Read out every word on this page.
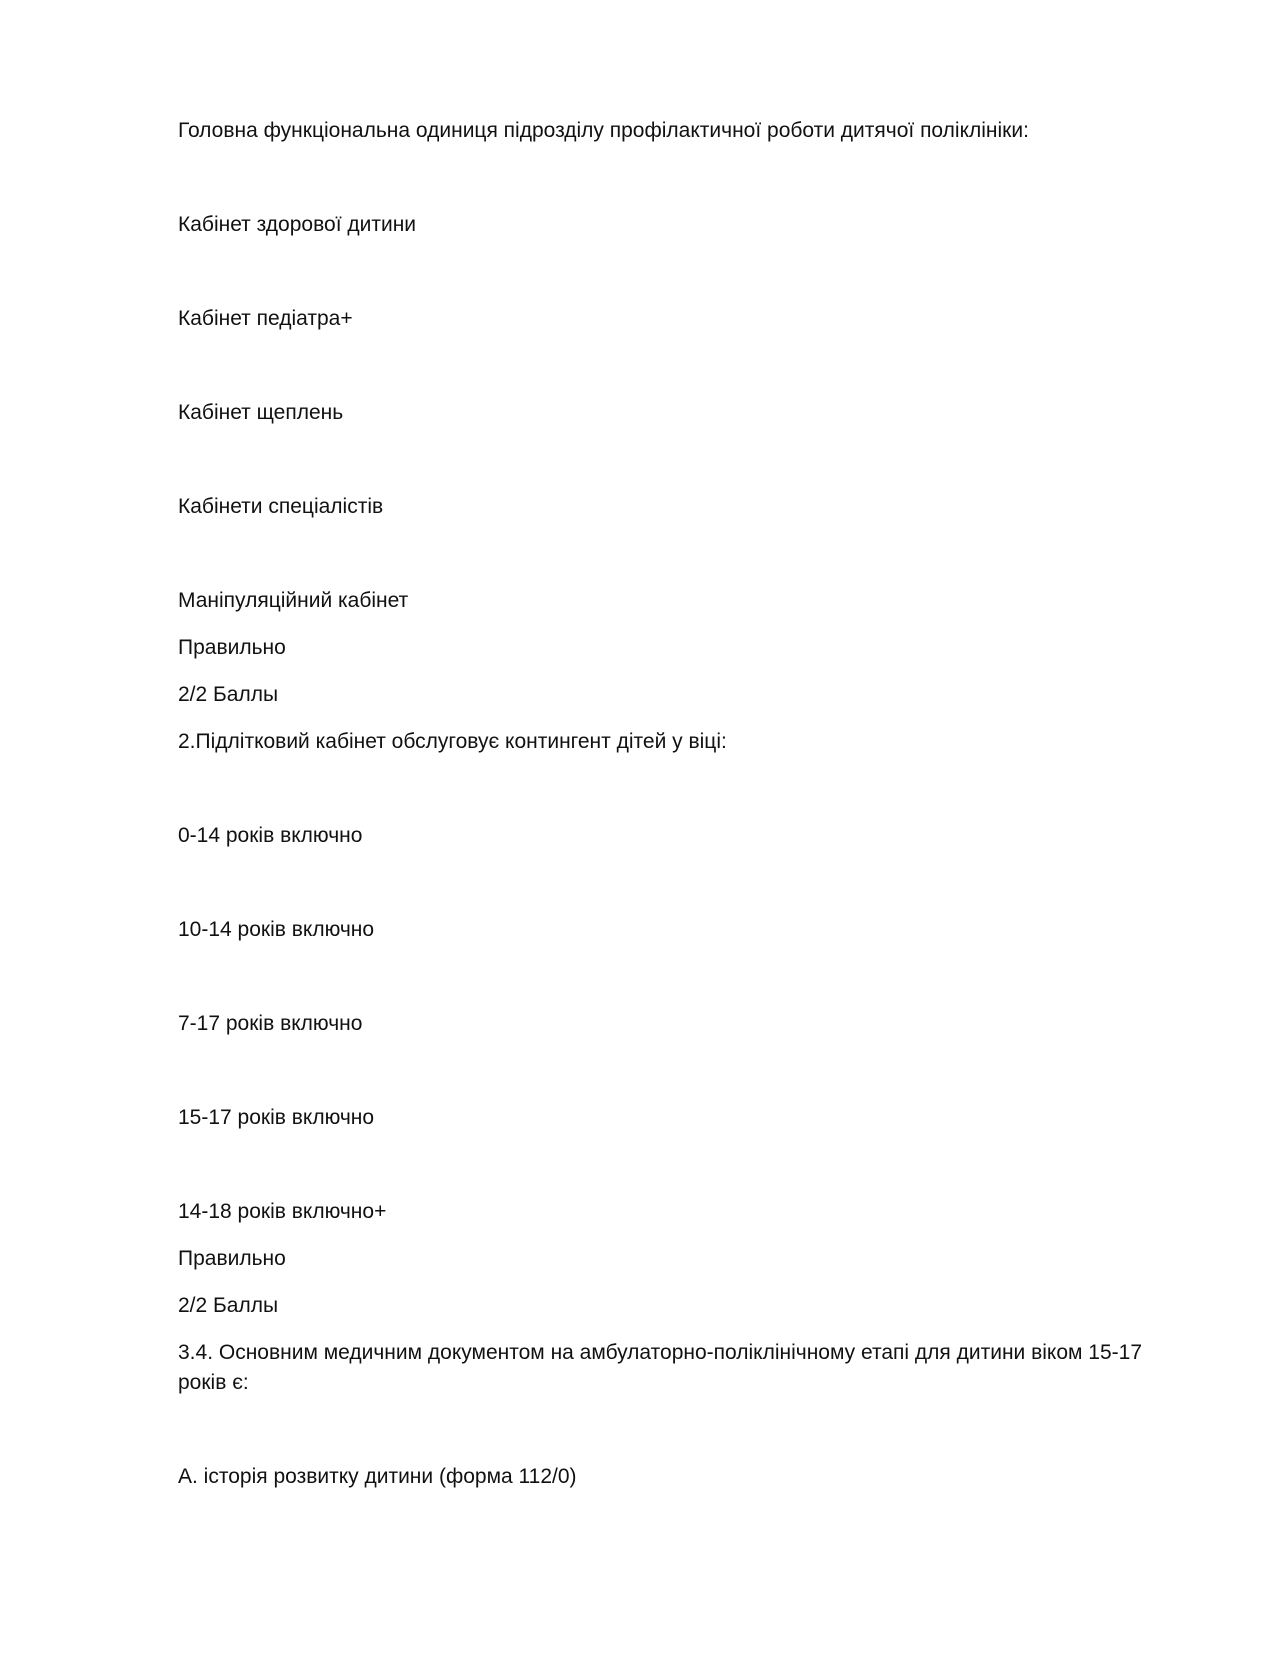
Головна функціональна одиниця підрозділу профілактичної роботи дитячої поліклініки:
Кабінет здорової дитини
Кабінет педіатра+
Кабінет щеплень
Кабінети спеціалістів
Маніпуляційний кабінет
Правильно
2/2 Баллы
2.Підлітковий кабінет обслуговує контингент дітей у віці:
0-14 років включно
10-14 років включно
7-17 років включно
15-17 років включно
14-18 років включно+
Правильно
2/2 Баллы
3.4. Основним медичним документом на амбулаторно-поліклінічному етапі для дитини віком 15-17
років є:
А. історія розвитку дитини (форма 112/0)
